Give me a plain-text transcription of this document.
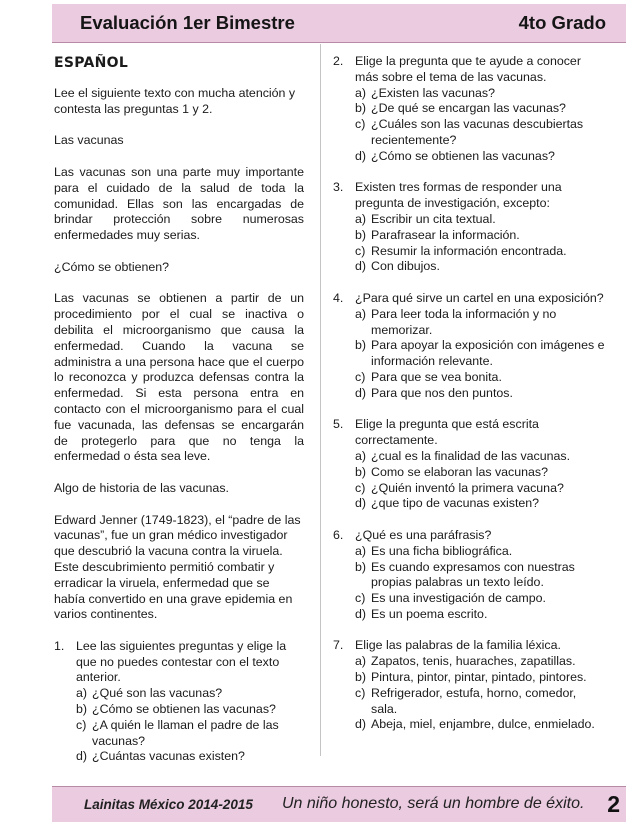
Evaluación 1er Bimestre	4to Grado
ESPAÑOL
Lee el siguiente texto con mucha atención y contesta las preguntas 1 y 2.
Las vacunas
Las vacunas son una parte muy importante para el cuidado de la salud de toda la comunidad. Ellas son las encargadas de brindar protección sobre numerosas enfermedades muy serias.
¿Cómo se obtienen?
Las vacunas se obtienen a partir de un procedimiento por el cual se inactiva o debilita el microorganismo que causa la enfermedad. Cuando la vacuna se administra a una persona hace que el cuerpo lo reconozca y produzca defensas contra la enfermedad. Si esta persona entra en contacto con el microorganismo para el cual fue vacunada, las defensas se encargarán de protegerlo para que no tenga la enfermedad o ésta sea leve.
Algo de historia de las vacunas.
Edward Jenner (1749-1823), el “padre de las vacunas”, fue un gran médico investigador que descubrió la vacuna contra la viruela. Este descubrimiento permitió combatir y erradicar la viruela, enfermedad que se había convertido en una grave epidemia en varios continentes.
1. Lee las siguientes preguntas y elige la que no puedes contestar con el texto anterior.
a) ¿Qué son las vacunas?
b) ¿Cómo se obtienen las vacunas?
c) ¿A quién le llaman el padre de las vacunas?
d) ¿Cuántas vacunas existen?
2. Elige la pregunta que te ayude a conocer más sobre el tema de las vacunas.
a) ¿Existen las vacunas?
b) ¿De qué se encargan las vacunas?
c) ¿Cuáles son las vacunas descubiertas recientemente?
d) ¿Cómo se obtienen las vacunas?
3. Existen tres formas de responder una pregunta de investigación, excepto:
a) Escribir un cita textual.
b) Parafrasear la información.
c) Resumir la información encontrada.
d) Con dibujos.
4. ¿Para qué sirve un cartel en una exposición?
a) Para leer toda la información y no memorizar.
b) Para apoyar la exposición con imágenes e información relevante.
c) Para que se vea bonita.
d) Para que nos den puntos.
5. Elige la pregunta que está escrita correctamente.
a) ¿cual es la finalidad de las vacunas.
b) Como se elaboran las vacunas?
c) ¿Quién inventó la primera vacuna?
d) ¿que tipo de vacunas existen?
6. ¿Qué es una paráfrasis?
a) Es una ficha bibliográfica.
b) Es cuando expresamos con nuestras propias palabras un texto leído.
c) Es una investigación de campo.
d) Es un poema escrito.
7. Elige las palabras de la familia léxica.
a) Zapatos, tenis, huaraches, zapatillas.
b) Pintura, pintor, pintar, pintado, pintores.
c) Refrigerador, estufa, horno, comedor, sala.
d) Abeja, miel, enjambre, dulce, enmielado.
Lainitas México 2014-2015 Un niño honesto, será un hombre de éxito. 2
